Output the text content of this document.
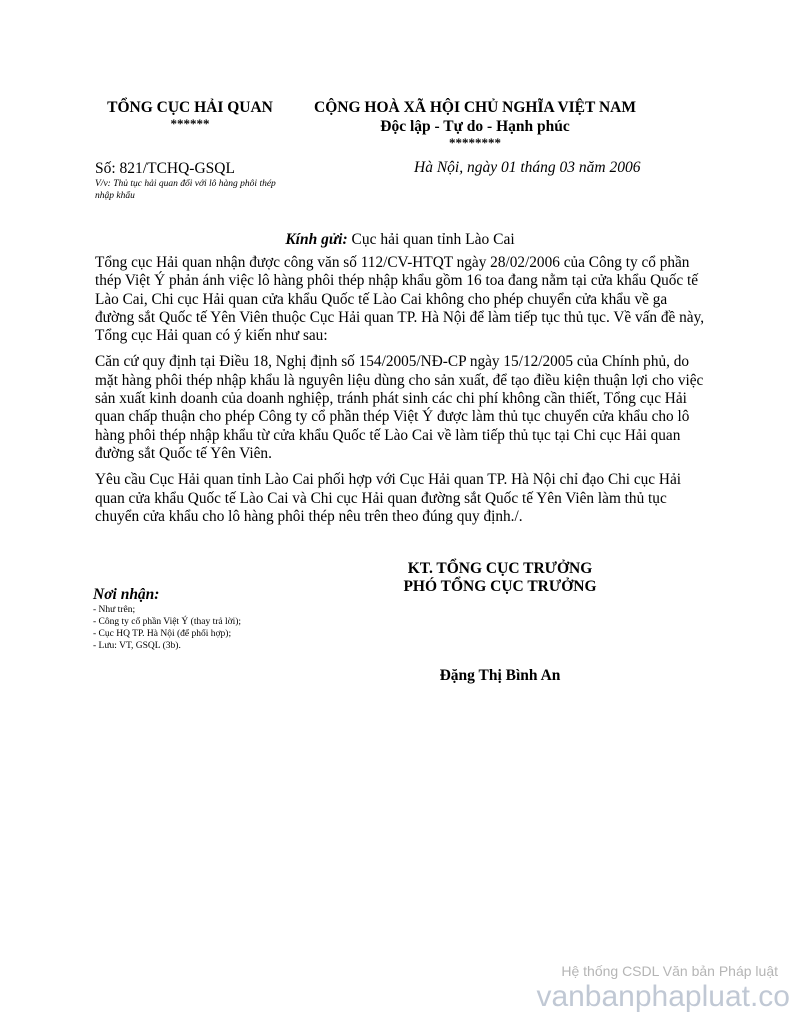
TỔNG CỤC HẢI QUAN
******
CỘNG HOÀ XÃ HỘI CHỦ NGHĨA VIỆT NAM
Độc lập - Tự do - Hạnh phúc
********
Số: 821/TCHQ-GSQL
V/v: Thủ tục hải quan đối với lô hàng phôi thép nhập khẩu
Hà Nội, ngày 01 tháng 03 năm 2006
Kính gửi: Cục hải quan tỉnh Lào Cai

Tổng cục Hải quan nhận được công văn số 112/CV-HTQT ngày 28/02/2006 của Công ty cổ phần thép Việt Ý phản ánh việc lô hàng phôi thép nhập khẩu gồm 16 toa đang nằm tại cửa khẩu Quốc tế Lào Cai, Chi cục Hải quan cửa khẩu Quốc tế Lào Cai không cho phép chuyển cửa khẩu về ga đường sắt Quốc tế Yên Viên thuộc Cục Hải quan TP. Hà Nội để làm tiếp tục thủ tục. Về vấn đề này, Tổng cục Hải quan có ý kiến như sau:

Căn cứ quy định tại Điều 18, Nghị định số 154/2005/NĐ-CP ngày 15/12/2005 của Chính phủ, do mặt hàng phôi thép nhập khẩu là nguyên liệu dùng cho sản xuất, để tạo điều kiện thuận lợi cho việc sản xuất kinh doanh của doanh nghiệp, tránh phát sinh các chi phí không cần thiết, Tổng cục Hải quan chấp thuận cho phép Công ty cổ phần thép Việt Ý được làm thủ tục chuyển cửa khẩu cho lô hàng phôi thép nhập khẩu từ cửa khẩu Quốc tế Lào Cai về làm tiếp thủ tục tại Chi cục Hải quan đường sắt Quốc tế Yên Viên.

Yêu cầu Cục Hải quan tỉnh Lào Cai phối hợp với Cục Hải quan TP. Hà Nội chỉ đạo Chi cục Hải quan cửa khẩu Quốc tế Lào Cai và Chi cục Hải quan đường sắt Quốc tế Yên Viên làm thủ tục chuyển cửa khẩu cho lô hàng phôi thép nêu trên theo đúng quy định./.

KT. TỔNG CỤC TRƯỞNG
PHÓ TỔNG CỤC TRƯỞNG
Nơi nhận:
- Như trên;
- Công ty cổ phần Việt Ý (thay trả lời);
- Cục HQ TP. Hà Nội (để phối hợp);
- Lưu: VT, GSQL (3b).
Đặng Thị Bình An
Hệ thống CSDL Văn bản Pháp luật
vanbanphapluat.co
